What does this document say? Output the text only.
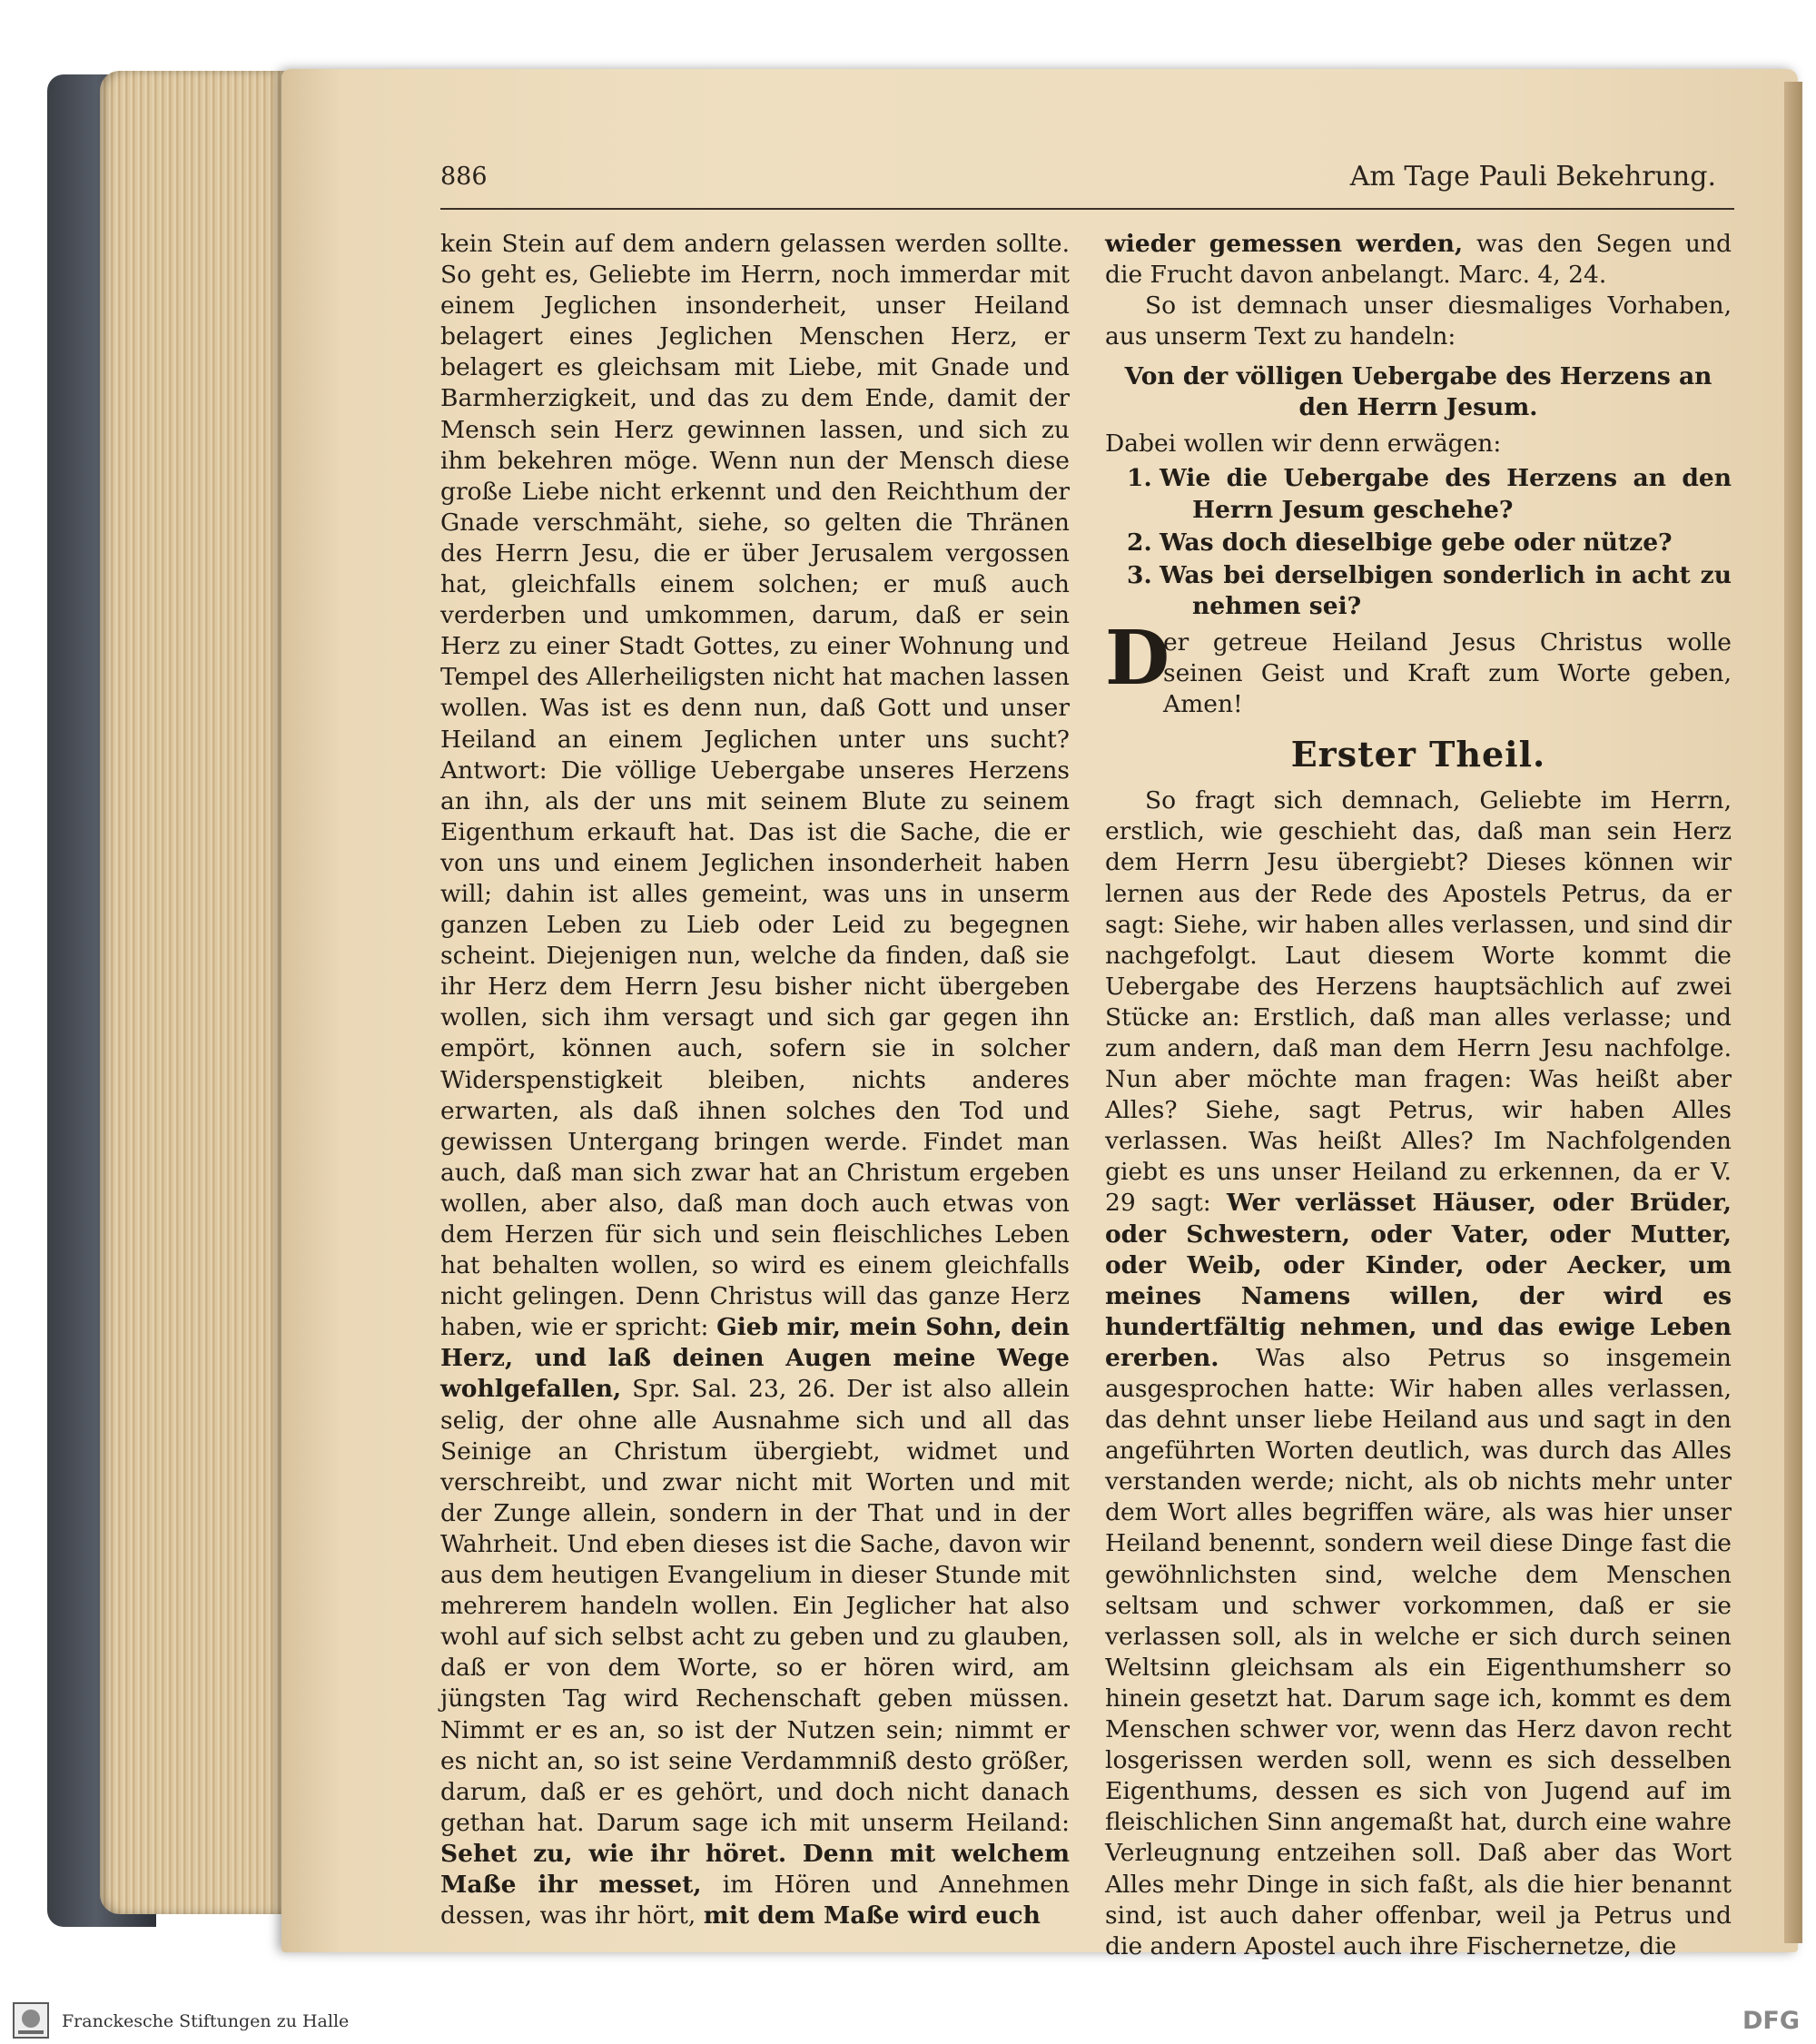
886	Am Tage Pauli Bekehrung.

kein Stein auf dem andern gelassen werden sollte. So geht es, Geliebte im Herrn, noch immerdar mit einem Jeglichen insonderheit, unser Heiland belagert eines Jeglichen Menschen Herz, er belagert es gleichsam mit Liebe, mit Gnade und Barmherzigkeit, und das zu dem Ende, damit der Mensch sein Herz gewinnen lassen, und sich zu ihm bekehren möge. Wenn nun der Mensch diese große Liebe nicht erkennt und den Reichthum der Gnade verschmäht, siehe, so gelten die Thränen des Herrn Jesu, die er über Jerusalem vergossen hat, gleichfalls einem solchen; er muß auch verderben und umkommen, darum, daß er sein Herz zu einer Stadt Gottes, zu einer Wohnung und Tempel des Allerheiligsten nicht hat machen lassen wollen. Was ist es denn nun, daß Gott und unser Heiland an einem Jeglichen unter uns sucht? Antwort: Die völlige Uebergabe unseres Herzens an ihn, als der uns mit seinem Blute zu seinem Eigenthum erkauft hat. Das ist die Sache, die er von uns und einem Jeglichen insonderheit haben will; dahin ist alles gemeint, was uns in unserm ganzen Leben zu Lieb oder Leid zu begegnen scheint. Diejenigen nun, welche da finden, daß sie ihr Herz dem Herrn Jesu bisher nicht übergeben wollen, sich ihm versagt und sich gar gegen ihn empört, können auch, sofern sie in solcher Widerspenstigkeit bleiben, nichts anderes erwarten, als daß ihnen solches den Tod und gewissen Untergang bringen werde. Findet man auch, daß man sich zwar hat an Christum ergeben wollen, aber also, daß man doch auch etwas von dem Herzen für sich und sein fleischliches Leben hat behalten wollen, so wird es einem gleichfalls nicht gelingen. Denn Christus will das ganze Herz haben, wie er spricht: Gieb mir, mein Sohn, dein Herz, und laß deinen Augen meine Wege wohlgefallen, Spr. Sal. 23, 26. Der ist also allein selig, der ohne alle Ausnahme sich und all das Seinige an Christum übergiebt, widmet und verschreibt, und zwar nicht mit Worten und mit der Zunge allein, sondern in der That und in der Wahrheit. Und eben dieses ist die Sache, davon wir aus dem heutigen Evangelium in dieser Stunde mit mehrerem handeln wollen. Ein Jeglicher hat also wohl auf sich selbst acht zu geben und zu glauben, daß er von dem Worte, so er hören wird, am jüngsten Tag wird Rechenschaft geben müssen. Nimmt er es an, so ist der Nutzen sein; nimmt er es nicht an, so ist seine Verdammniß desto größer, darum, daß er es gehört, und doch nicht danach gethan hat. Darum sage ich mit unserm Heiland: Sehet zu, wie ihr höret. Denn mit welchem Maße ihr messet, im Hören und Annehmen dessen, was ihr hört, mit dem Maße wird euch

wieder gemessen werden, was den Segen und die Frucht davon anbelangt. Marc. 4, 24.

So ist demnach unser diesmaliges Vorhaben, aus unserm Text zu handeln:

Von der völligen Uebergabe des Herzens an den Herrn Jesum.

Dabei wollen wir denn erwägen:

1. Wie die Uebergabe des Herzens an den Herrn Jesum geschehe?
2. Was doch dieselbige gebe oder nütze?
3. Was bei derselbigen sonderlich in acht zu nehmen sei?

D
er getreue Heiland Jesus Christus wolle seinen Geist und Kraft zum Worte geben, Amen!

Erster Theil.

So fragt sich demnach, Geliebte im Herrn, erstlich, wie geschieht das, daß man sein Herz dem Herrn Jesu übergiebt? Dieses können wir lernen aus der Rede des Apostels Petrus, da er sagt: Siehe, wir haben alles verlassen, und sind dir nachgefolgt. Laut diesem Worte kommt die Uebergabe des Herzens hauptsächlich auf zwei Stücke an: Erstlich, daß man alles verlasse; und zum andern, daß man dem Herrn Jesu nachfolge. Nun aber möchte man fragen: Was heißt aber Alles? Siehe, sagt Petrus, wir haben Alles verlassen. Was heißt Alles? Im Nachfolgenden giebt es uns unser Heiland zu erkennen, da er V. 29 sagt: Wer verlässet Häuser, oder Brüder, oder Schwestern, oder Vater, oder Mutter, oder Weib, oder Kinder, oder Aecker, um meines Namens willen, der wird es hundertfältig nehmen, und das ewige Leben ererben. Was also Petrus so insgemein ausgesprochen hatte: Wir haben alles verlassen, das dehnt unser liebe Heiland aus und sagt in den angeführten Worten deutlich, was durch das Alles verstanden werde; nicht, als ob nichts mehr unter dem Wort alles begriffen wäre, als was hier unser Heiland benennt, sondern weil diese Dinge fast die gewöhnlichsten sind, welche dem Menschen seltsam und schwer vorkommen, daß er sie verlassen soll, als in welche er sich durch seinen Weltsinn gleichsam als ein Eigenthumsherr so hinein gesetzt hat. Darum sage ich, kommt es dem Menschen schwer vor, wenn das Herz davon recht losgerissen werden soll, wenn es sich desselben Eigenthums, dessen es sich von Jugend auf im fleischlichen Sinn angemaßt hat, durch eine wahre Verleugnung entzeihen soll. Daß aber das Wort Alles mehr Dinge in sich faßt, als die hier benannt sind, ist auch daher offenbar, weil ja Petrus und die andern Apostel auch ihre Fischernetze, die

Franckesche Stiftungen zu Halle	DFG
